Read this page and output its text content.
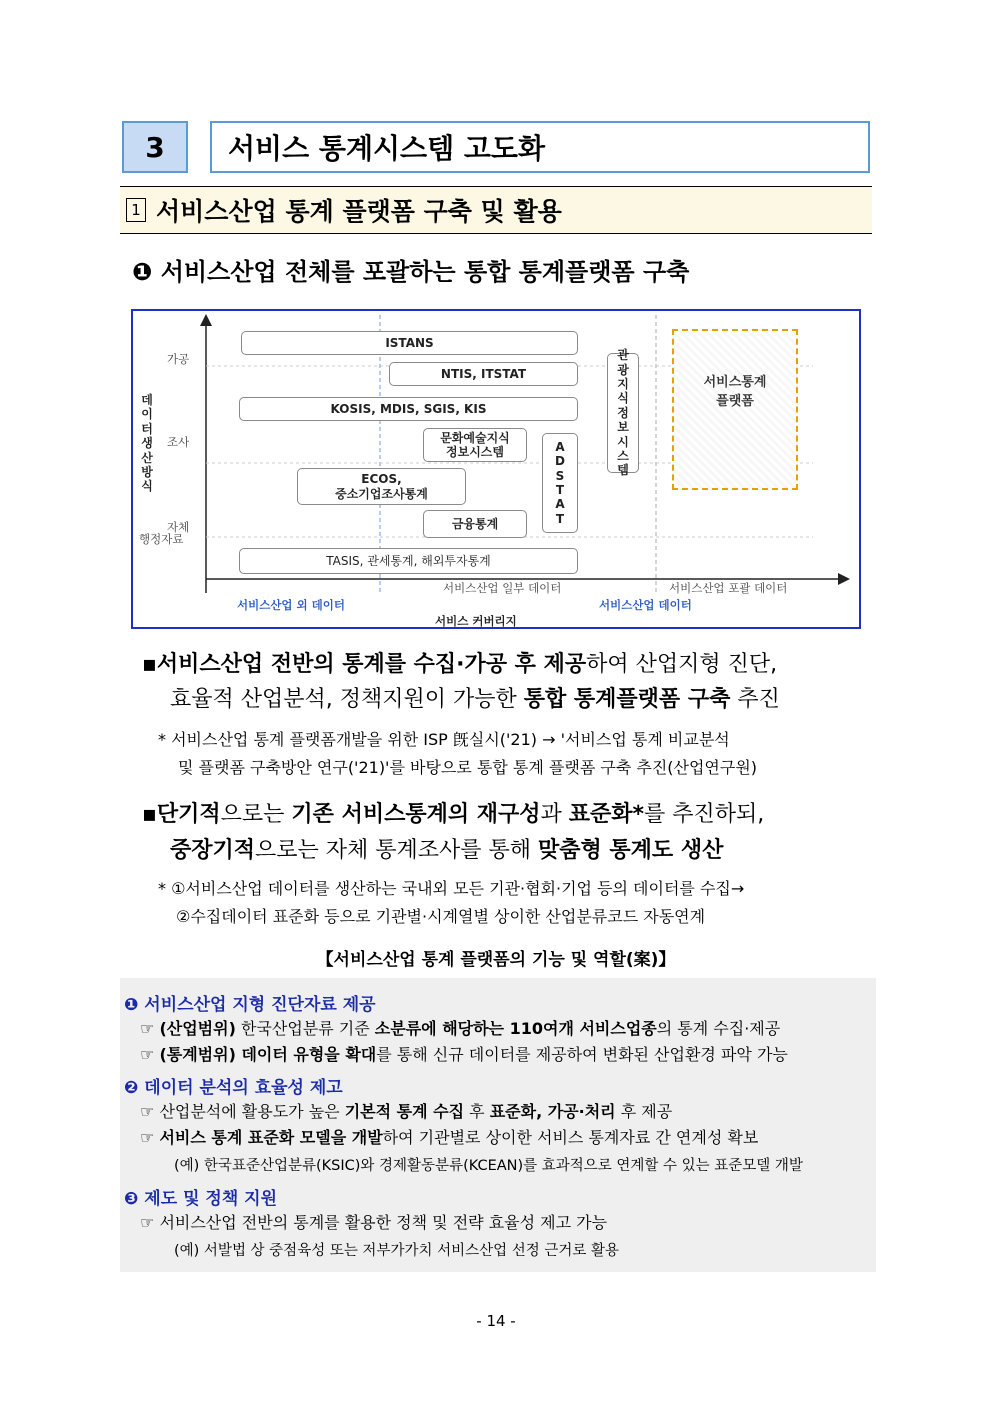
3	서비스 통계시스템 고도화
1 서비스산업 통계 플랫폼 구축 및 활용
❶ 서비스산업 전체를 포괄하는 통합 통계플랫폼 구축
데이터생산방식
가공
조사
자체
행정자료
ISTANS
NTIS, ITSTAT
KOSIS, MDIS, SGIS, KIS
문화예술지식
정보시스템
ECOS,
중소기업조사통계
금융통계
TASIS, 관세통계, 해외투자통계
ADSTAT
관광지식정보시스템
서비스통계
플랫폼
서비스산업 일부 데이터	서비스산업 포괄 데이터
서비스산업 외 데이터	서비스산업 데이터
서비스 커버리지
▪서비스산업 전반의 통계를 수집·가공 후 제공하여 산업지형 진단,
효율적 산업분석, 정책지원이 가능한 통합 통계플랫폼 구축 추진
* 서비스산업 통계 플랫폼개발을 위한 ISP 旣실시('21) → '서비스업 통계 비교분석
및 플랫폼 구축방안 연구('21)'를 바탕으로 통합 통계 플랫폼 구축 추진(산업연구원)
▪단기적으로는 기존 서비스통계의 재구성과 표준화*를 추진하되,
중장기적으로는 자체 통계조사를 통해 맞춤형 통계도 생산
* ①서비스산업 데이터를 생산하는 국내외 모든 기관·협회·기업 등의 데이터를 수집→
②수집데이터 표준화 등으로 기관별·시계열별 상이한 산업분류코드 자동연계
【서비스산업 통계 플랫폼의 기능 및 역할(案)】
❶ 서비스산업 지형 진단자료 제공
☞ (산업범위) 한국산업분류 기준 소분류에 해당하는 110여개 서비스업종의 통계 수집·제공
☞ (통계범위) 데이터 유형을 확대를 통해 신규 데이터를 제공하여 변화된 산업환경 파악 가능
❷ 데이터 분석의 효율성 제고
☞ 산업분석에 활용도가 높은 기본적 통계 수집 후 표준화, 가공·처리 후 제공
☞ 서비스 통계 표준화 모델을 개발하여 기관별로 상이한 서비스 통계자료 간 연계성 확보
(예) 한국표준산업분류(KSIC)와 경제활동분류(KCEAN)를 효과적으로 연계할 수 있는 표준모델 개발
❸ 제도 및 정책 지원
☞ 서비스산업 전반의 통계를 활용한 정책 및 전략 효율성 제고 가능
(예) 서발법 상 중점육성 또는 저부가가치 서비스산업 선정 근거로 활용
- 14 -
